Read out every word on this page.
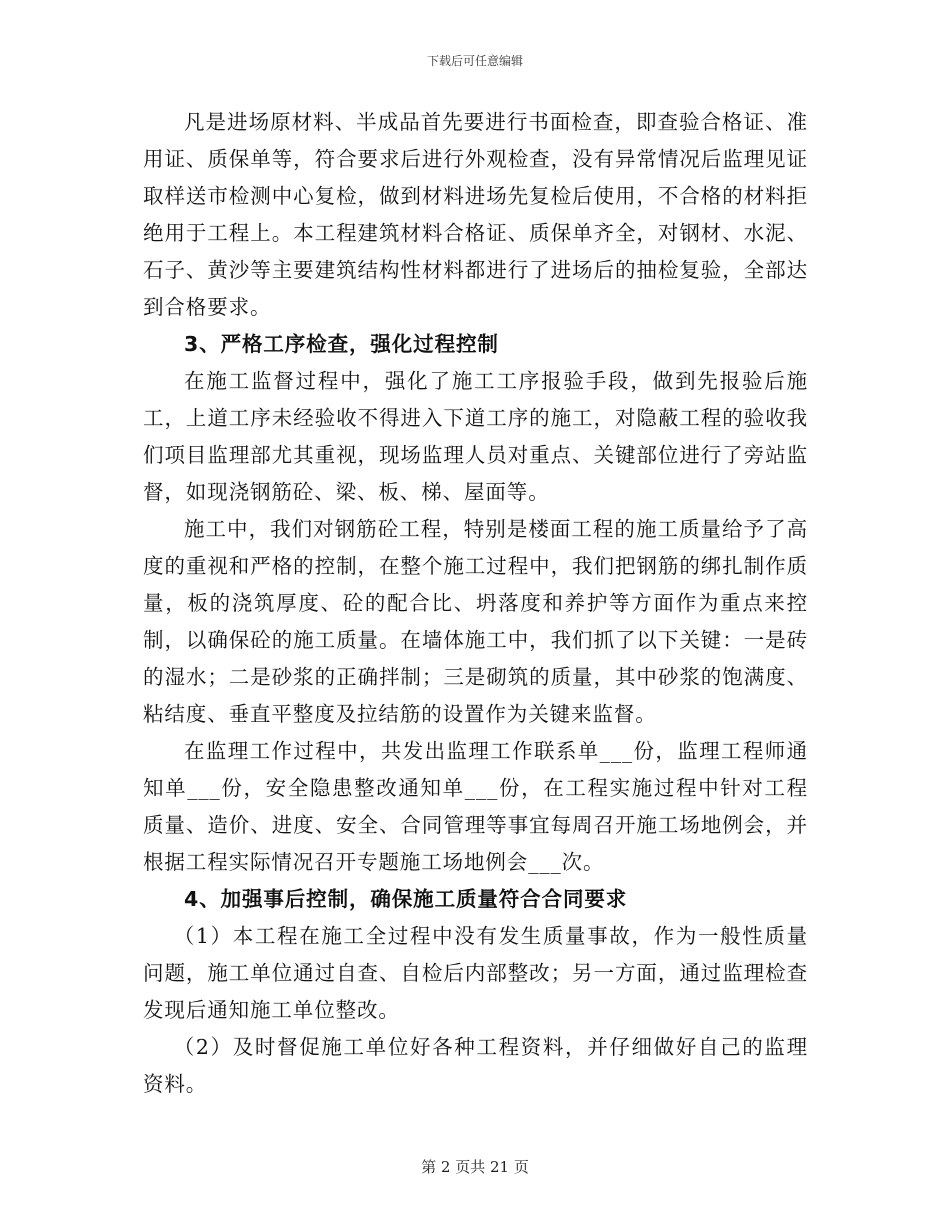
下载后可任意编辑

凡是进场原材料、半成品首先要进行书面检查，即查验合格证、准用证、质保单等，符合要求后进行外观检查，没有异常情况后监理见证取样送市检测中心复检，做到材料进场先复检后使用，不合格的材料拒绝用于工程上。本工程建筑材料合格证、质保单齐全，对钢材、水泥、石子、黄沙等主要建筑结构性材料都进行了进场后的抽检复验，全部达到合格要求。

3、严格工序检查，强化过程控制

在施工监督过程中，强化了施工工序报验手段，做到先报验后施工，上道工序未经验收不得进入下道工序的施工，对隐蔽工程的验收我们项目监理部尤其重视，现场监理人员对重点、关键部位进行了旁站监督，如现浇钢筋砼、梁、板、梯、屋面等。

施工中，我们对钢筋砼工程，特别是楼面工程的施工质量给予了高度的重视和严格的控制，在整个施工过程中，我们把钢筋的绑扎制作质量，板的浇筑厚度、砼的配合比、坍落度和养护等方面作为重点来控制，以确保砼的施工质量。在墙体施工中，我们抓了以下关键：一是砖的湿水；二是砂浆的正确拌制；三是砌筑的质量，其中砂浆的饱满度、粘结度、垂直平整度及拉结筋的设置作为关键来监督。

在监理工作过程中，共发出监理工作联系单___份，监理工程师通知单___份，安全隐患整改通知单___份，在工程实施过程中针对工程质量、造价、进度、安全、合同管理等事宜每周召开施工场地例会，并根据工程实际情况召开专题施工场地例会___次。

4、加强事后控制，确保施工质量符合合同要求

（1）本工程在施工全过程中没有发生质量事故，作为一般性质量问题，施工单位通过自查、自检后内部整改；另一方面，通过监理检查发现后通知施工单位整改。

（2）及时督促施工单位好各种工程资料，并仔细做好自己的监理资料。

第 2 页共 21 页
